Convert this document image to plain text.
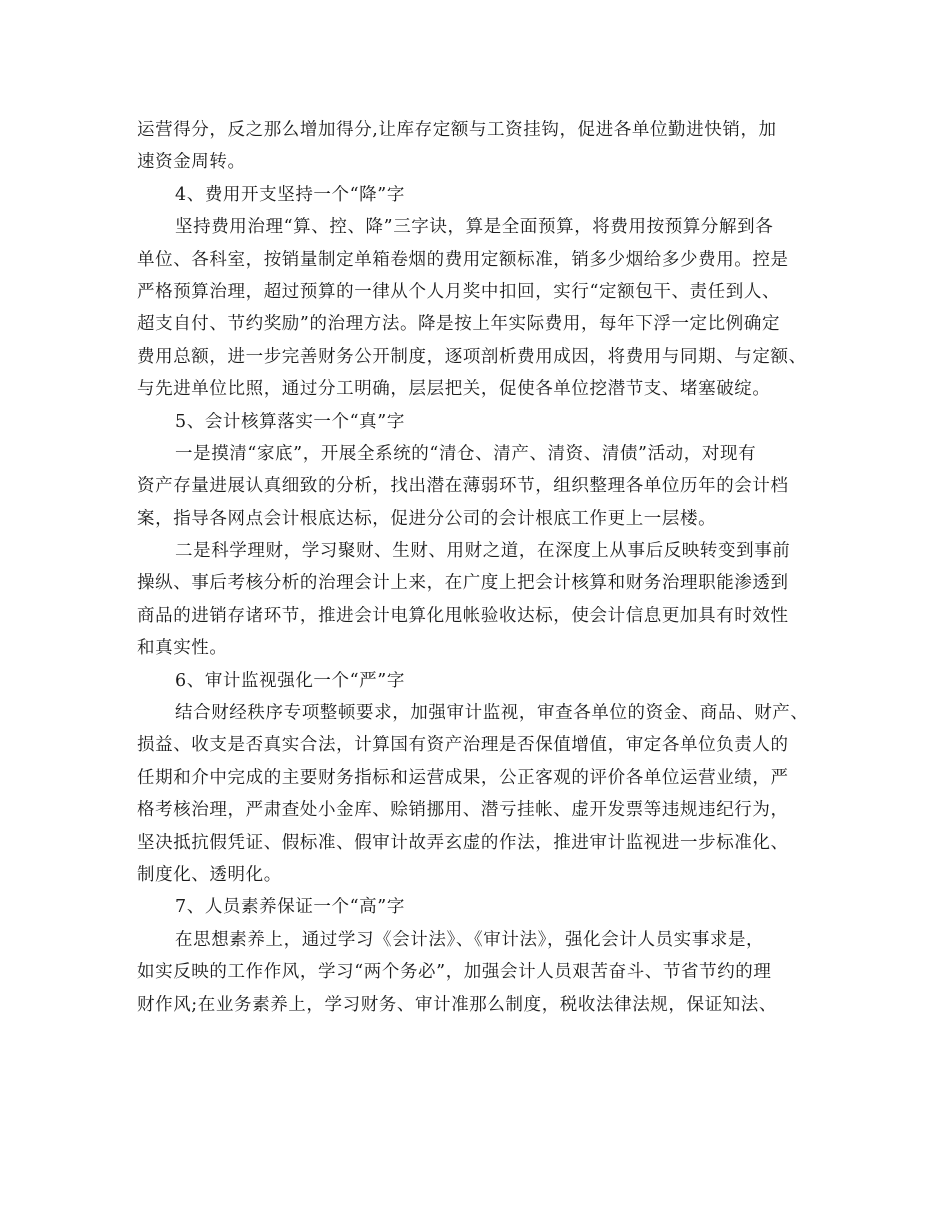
运营得分，反之那么增加得分,让库存定额与工资挂钩，促进各单位勤进快销，加
速资金周转。
4、费用开支坚持一个“降”字
坚持费用治理“算、控、降”三字诀，算是全面预算，将费用按预算分解到各
单位、各科室，按销量制定单箱卷烟的费用定额标准，销多少烟给多少费用。控是
严格预算治理，超过预算的一律从个人月奖中扣回，实行“定额包干、责任到人、
超支自付、节约奖励”的治理方法。降是按上年实际费用，每年下浮一定比例确定
费用总额，进一步完善财务公开制度，逐项剖析费用成因，将费用与同期、与定额、
与先进单位比照，通过分工明确，层层把关，促使各单位挖潜节支、堵塞破绽。
5、会计核算落实一个“真”字
一是摸清“家底”，开展全系统的“清仓、清产、清资、清债”活动，对现有
资产存量进展认真细致的分析，找出潜在薄弱环节，组织整理各单位历年的会计档
案，指导各网点会计根底达标，促进分公司的会计根底工作更上一层楼。
二是科学理财，学习聚财、生财、用财之道，在深度上从事后反映转变到事前
操纵、事后考核分析的治理会计上来，在广度上把会计核算和财务治理职能渗透到
商品的进销存诸环节，推进会计电算化甩帐验收达标，使会计信息更加具有时效性
和真实性。
6、审计监视强化一个“严”字
结合财经秩序专项整顿要求，加强审计监视，审查各单位的资金、商品、财产、
损益、收支是否真实合法，计算国有资产治理是否保值增值，审定各单位负责人的
任期和介中完成的主要财务指标和运营成果，公正客观的评价各单位运营业绩，严
格考核治理，严肃查处小金库、赊销挪用、潜亏挂帐、虚开发票等违规违纪行为，
坚决抵抗假凭证、假标准、假审计故弄玄虚的作法，推进审计监视进一步标准化、
制度化、透明化。
7、人员素养保证一个“高”字
在思想素养上，通过学习《会计法》、《审计法》，强化会计人员实事求是，
如实反映的工作作风，学习“两个务必”，加强会计人员艰苦奋斗、节省节约的理
财作风;在业务素养上，学习财务、审计准那么制度，税收法律法规，保证知法、
